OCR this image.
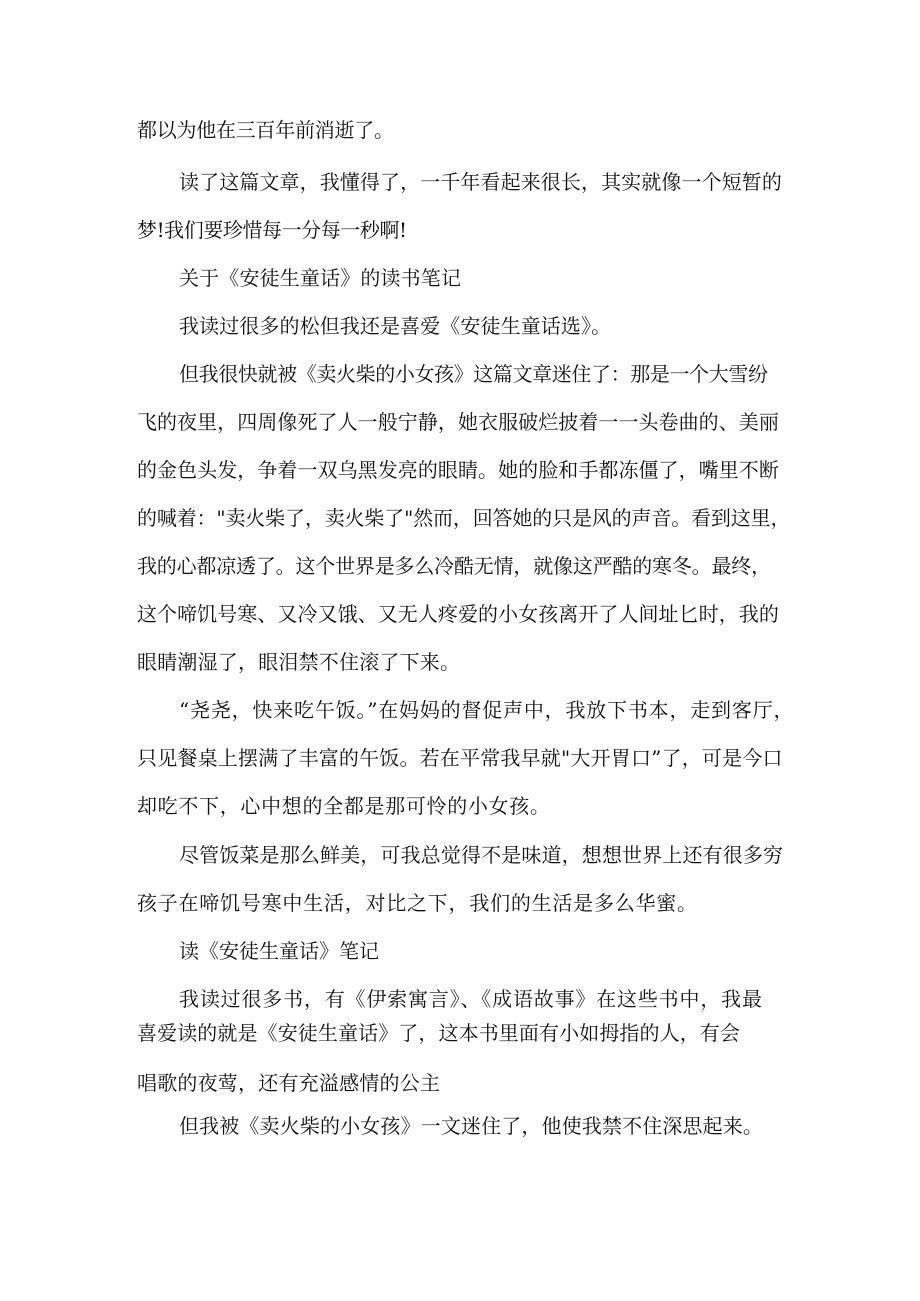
都以为他在三百年前消逝了。
读了这篇文章，我懂得了，一千年看起来很长，其实就像一个短暂的
梦!我们要珍惜每一分每一秒啊!
关于《安徒生童话》的读书笔记
我读过很多的松但我还是喜爱《安徒生童话选》。
但我很快就被《卖火柴的小女孩》这篇文章迷住了：那是一个大雪纷
飞的夜里，四周像死了人一般宁静，她衣服破烂披着一一头卷曲的、美丽
的金色头发，争着一双乌黑发亮的眼睛。她的脸和手都冻僵了，嘴里不断
的喊着："卖火柴了，卖火柴了"然而，回答她的只是风的声音。看到这里，
我的心都凉透了。这个世界是多么冷酷无情，就像这严酷的寒冬。最终，
这个啼饥号寒、又冷又饿、又无人疼爱的小女孩离开了人间址匕时，我的
眼睛潮湿了，眼泪禁不住滚了下来。
“尧尧，快来吃午饭。”在妈妈的督促声中，我放下书本，走到客厅，
只见餐桌上摆满了丰富的午饭。若在平常我早就"大开胃口”了，可是今口
却吃不下，心中想的全都是那可怜的小女孩。
尽管饭菜是那么鲜美，可我总觉得不是味道，想想世界上还有很多穷
孩子在啼饥号寒中生活，对比之下，我们的生活是多么华蜜。
读《安徒生童话》笔记
我读过很多书，有《伊索寓言》、《成语故事》在这些书中，我最
喜爱读的就是《安徒生童话》了，这本书里面有小如拇指的人，有会
唱歌的夜莺，还有充溢感情的公主
但我被《卖火柴的小女孩》一文迷住了，他使我禁不住深思起来。
